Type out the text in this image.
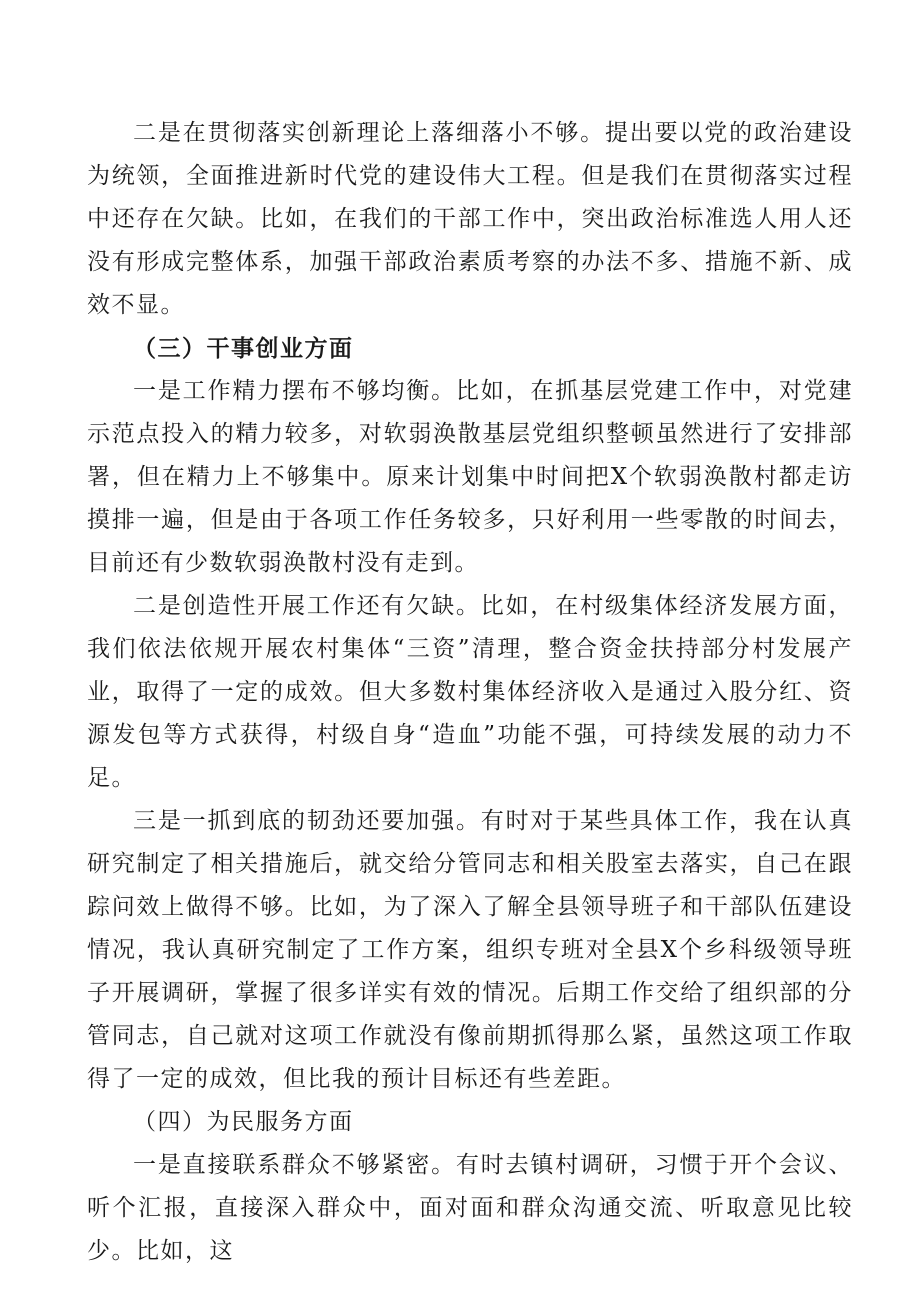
二是在贯彻落实创新理论上落细落小不够。提出要以党的政治建设为统领，全面推进新时代党的建设伟大工程。但是我们在贯彻落实过程中还存在欠缺。比如，在我们的干部工作中，突出政治标准选人用人还没有形成完整体系，加强干部政治素质考察的办法不多、措施不新、成效不显。

（三）干事创业方面

一是工作精力摆布不够均衡。比如，在抓基层党建工作中，对党建示范点投入的精力较多，对软弱涣散基层党组织整顿虽然进行了安排部署，但在精力上不够集中。原来计划集中时间把X个软弱涣散村都走访摸排一遍，但是由于各项工作任务较多，只好利用一些零散的时间去，目前还有少数软弱涣散村没有走到。

二是创造性开展工作还有欠缺。比如，在村级集体经济发展方面，我们依法依规开展农村集体“三资”清理，整合资金扶持部分村发展产业，取得了一定的成效。但大多数村集体经济收入是通过入股分红、资源发包等方式获得，村级自身“造血”功能不强，可持续发展的动力不足。

三是一抓到底的韧劲还要加强。有时对于某些具体工作，我在认真研究制定了相关措施后，就交给分管同志和相关股室去落实，自己在跟踪问效上做得不够。比如，为了深入了解全县领导班子和干部队伍建设情况，我认真研究制定了工作方案，组织专班对全县X个乡科级领导班子开展调研，掌握了很多详实有效的情况。后期工作交给了组织部的分管同志，自己就对这项工作就没有像前期抓得那么紧，虽然这项工作取得了一定的成效，但比我的预计目标还有些差距。

（四）为民服务方面

一是直接联系群众不够紧密。有时去镇村调研，习惯于开个会议、听个汇报，直接深入群众中，面对面和群众沟通交流、听取意见比较少。比如，这
